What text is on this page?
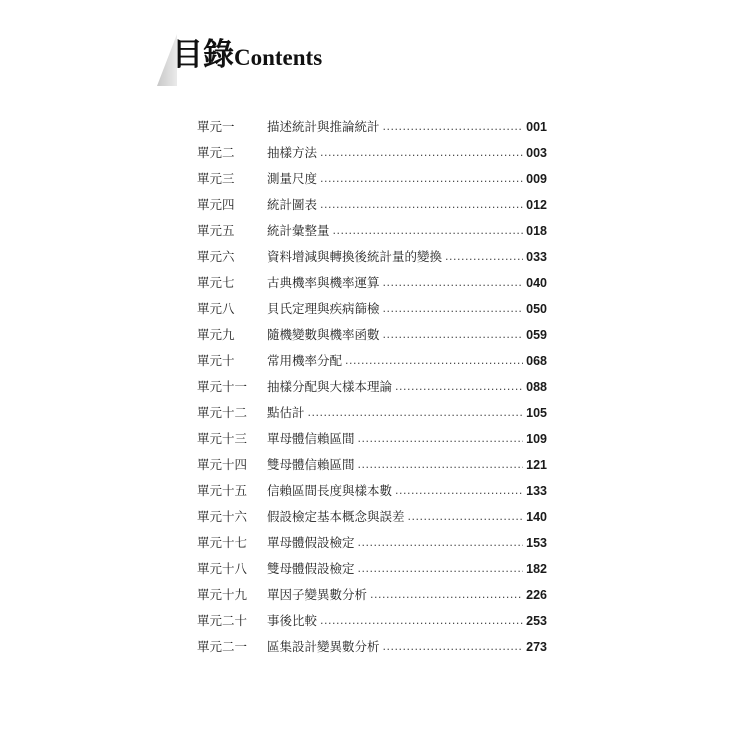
目錄Contents
單元一	描述統計與推論統計 .....	001
單元二	抽樣方法 .....	003
單元三	測量尺度 .....	009
單元四	統計圖表 .....	012
單元五	統計彙整量 .....	018
單元六	資料增減與轉換後統計量的變換 .....	033
單元七	古典機率與機率運算 .....	040
單元八	貝氏定理與疾病篩檢 .....	050
單元九	隨機變數與機率函數 .....	059
單元十	常用機率分配 .....	068
單元十一	抽樣分配與大樣本理論 .....	088
單元十二	點估計 .....	105
單元十三	單母體信賴區間 .....	109
單元十四	雙母體信賴區間 .....	121
單元十五	信賴區間長度與樣本數 .....	133
單元十六	假設檢定基本概念與誤差 .....	140
單元十七	單母體假設檢定 .....	153
單元十八	雙母體假設檢定 .....	182
單元十九	單因子變異數分析 .....	226
單元二十	事後比較 .....	253
單元二一	區集設計變異數分析 .....	273
